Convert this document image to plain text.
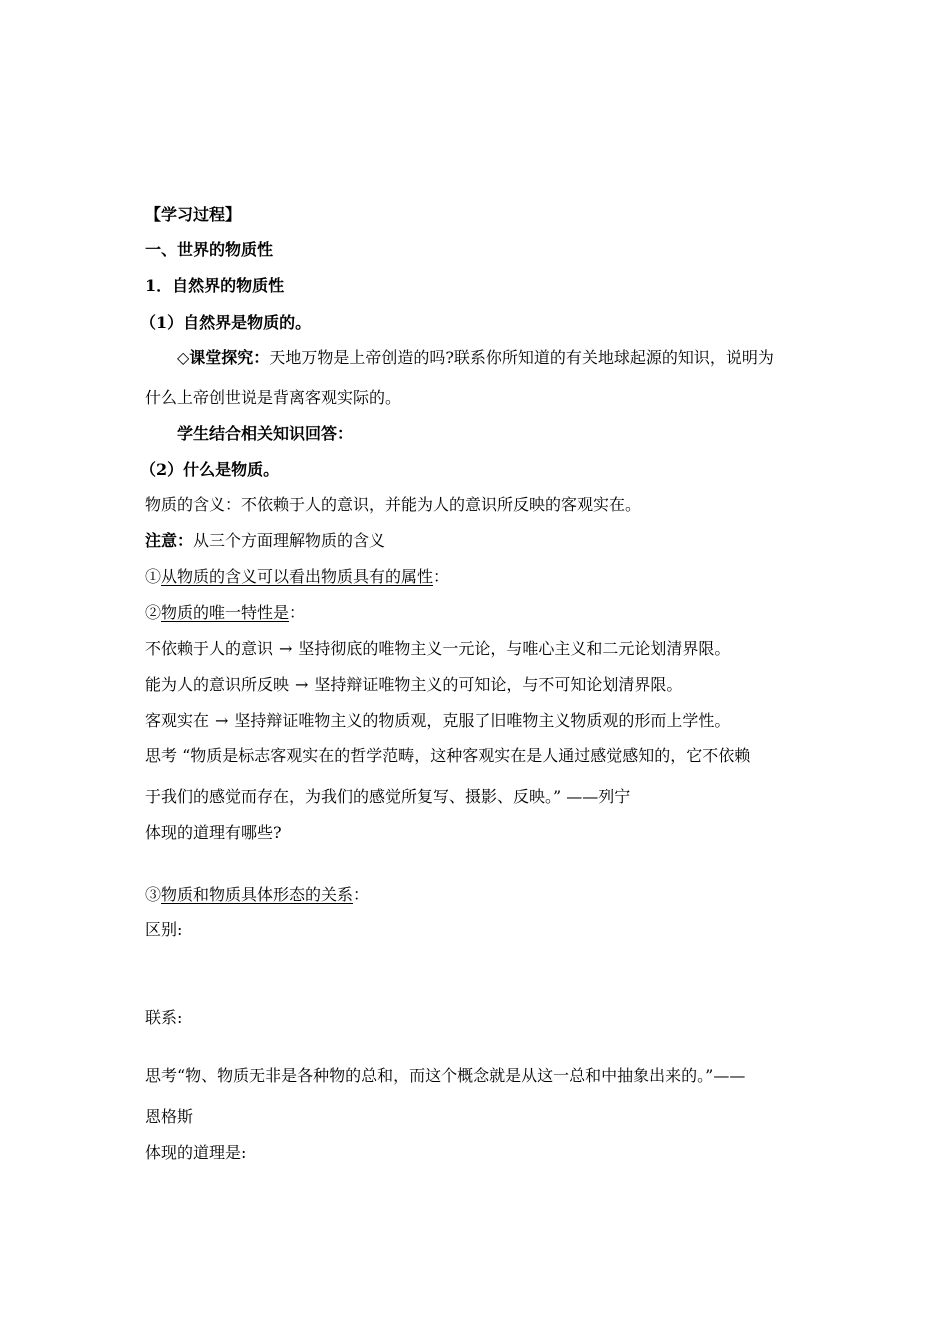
【学习过程】
一、世界的物质性
1．自然界的物质性
（1）自然界是物质的。
◇课堂探究：天地万物是上帝创造的吗?联系你所知道的有关地球起源的知识，说明为
什么上帝创世说是背离客观实际的。
学生结合相关知识回答：
（2）什么是物质。
物质的含义：不依赖于人的意识，并能为人的意识所反映的客观实在。
注意：从三个方面理解物质的含义
①从物质的含义可以看出物质具有的属性：
②物质的唯一特性是：
不依赖于人的意识 → 坚持彻底的唯物主义一元论，与唯心主义和二元论划清界限。
能为人的意识所反映 → 坚持辩证唯物主义的可知论，与不可知论划清界限。
客观实在 → 坚持辩证唯物主义的物质观，克服了旧唯物主义物质观的形而上学性。
思考 “物质是标志客观实在的哲学范畴，这种客观实在是人通过感觉感知的，它不依赖
于我们的感觉而存在，为我们的感觉所复写、摄影、反映。” ——列宁
体现的道理有哪些?
③物质和物质具体形态的关系：
区别:
联系:
思考“物、物质无非是各种物的总和，而这个概念就是从这一总和中抽象出来的。”——
恩格斯
体现的道理是:
